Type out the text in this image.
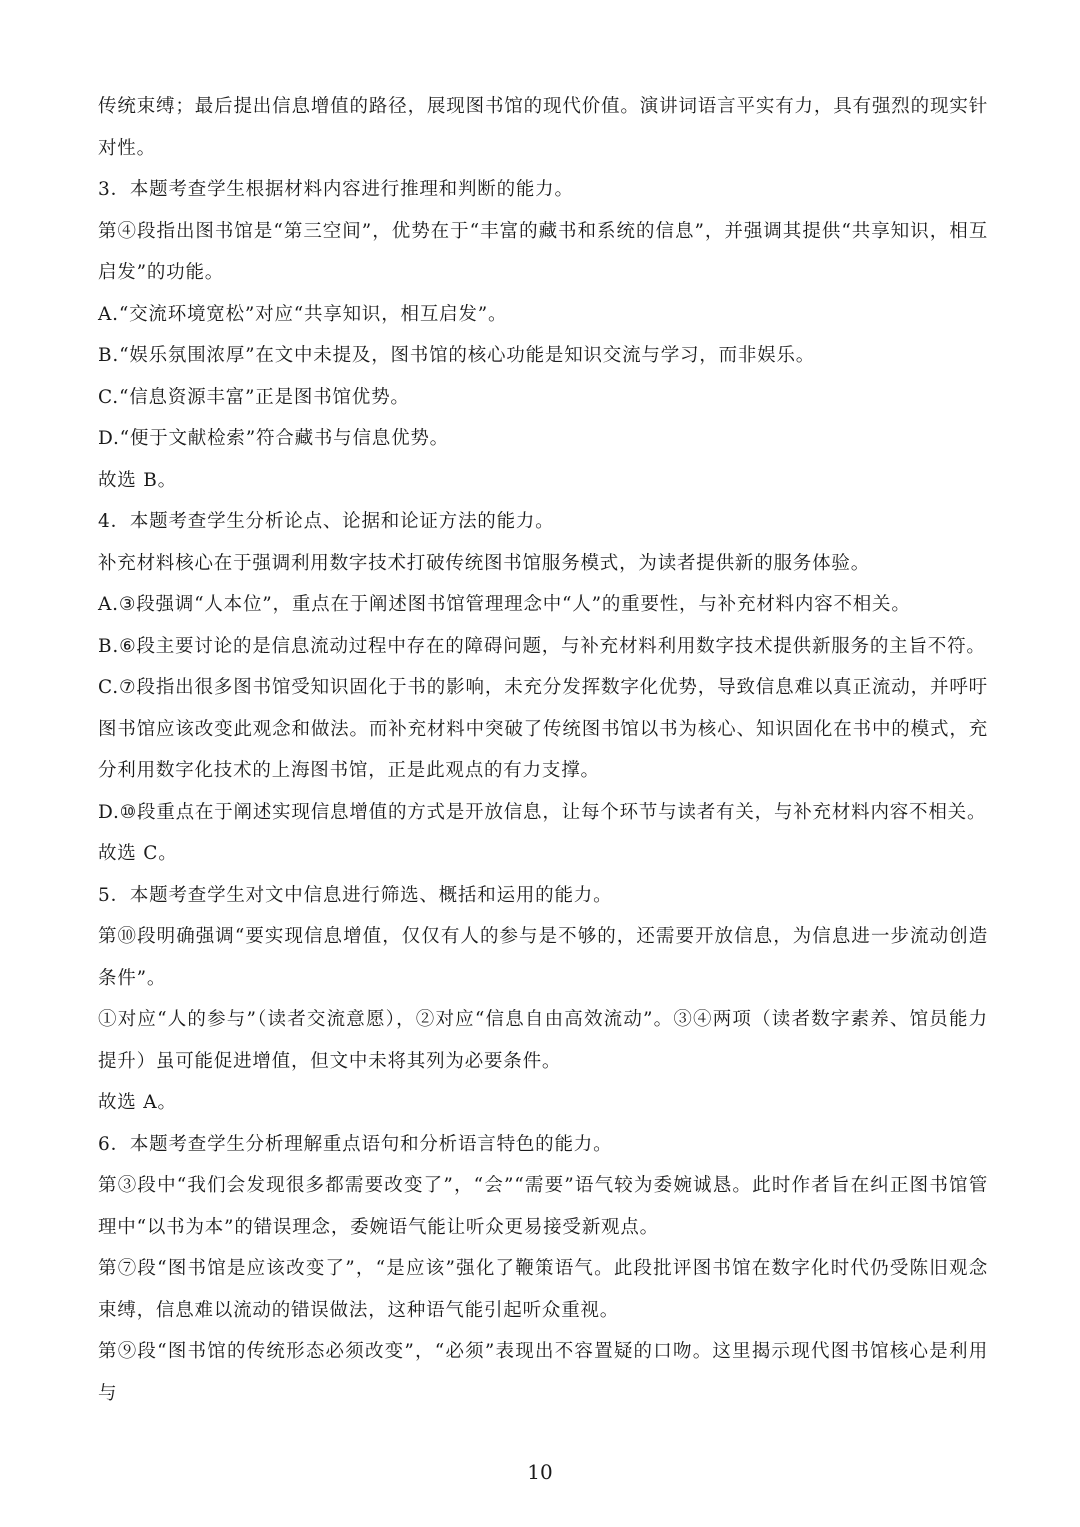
传统束缚；最后提出信息增值的路径，展现图书馆的现代价值。演讲词语言平实有力，具有强烈的现实针对性。

3．本题考查学生根据材料内容进行推理和判断的能力。

第④段指出图书馆是“第三空间”，优势在于“丰富的藏书和系统的信息”，并强调其提供“共享知识，相互启发”的功能。

A.“交流环境宽松”对应“共享知识，相互启发”。

B.“娱乐氛围浓厚”在文中未提及，图书馆的核心功能是知识交流与学习，而非娱乐。

C.“信息资源丰富”正是图书馆优势。

D.“便于文献检索”符合藏书与信息优势。

故选 B。

4．本题考查学生分析论点、论据和论证方法的能力。

补充材料核心在于强调利用数字技术打破传统图书馆服务模式，为读者提供新的服务体验。

A.③段强调“人本位”，重点在于阐述图书馆管理理念中“人”的重要性，与补充材料内容不相关。

B.⑥段主要讨论的是信息流动过程中存在的障碍问题，与补充材料利用数字技术提供新服务的主旨不符。

C.⑦段指出很多图书馆受知识固化于书的影响，未充分发挥数字化优势，导致信息难以真正流动，并呼吁图书馆应该改变此观念和做法。而补充材料中突破了传统图书馆以书为核心、知识固化在书中的模式，充分利用数字化技术的上海图书馆，正是此观点的有力支撑。

D.⑩段重点在于阐述实现信息增值的方式是开放信息，让每个环节与读者有关，与补充材料内容不相关。

故选 C。

5．本题考查学生对文中信息进行筛选、概括和运用的能力。

第⑩段明确强调“要实现信息增值，仅仅有人的参与是不够的，还需要开放信息，为信息进一步流动创造条件”。

①对应“人的参与”（读者交流意愿），②对应“信息自由高效流动”。③④两项（读者数字素养、馆员能力提升）虽可能促进增值，但文中未将其列为必要条件。

故选 A。

6．本题考查学生分析理解重点语句和分析语言特色的能力。

第③段中“我们会发现很多都需要改变了”，“会”“需要”语气较为委婉诚恳。此时作者旨在纠正图书馆管理中“以书为本”的错误理念，委婉语气能让听众更易接受新观点。

第⑦段“图书馆是应该改变了”，“是应该”强化了鞭策语气。此段批评图书馆在数字化时代仍受陈旧观念束缚，信息难以流动的错误做法，这种语气能引起听众重视。

第⑨段“图书馆的传统形态必须改变”，“必须”表现出不容置疑的口吻。这里揭示现代图书馆核心是利用与

10
